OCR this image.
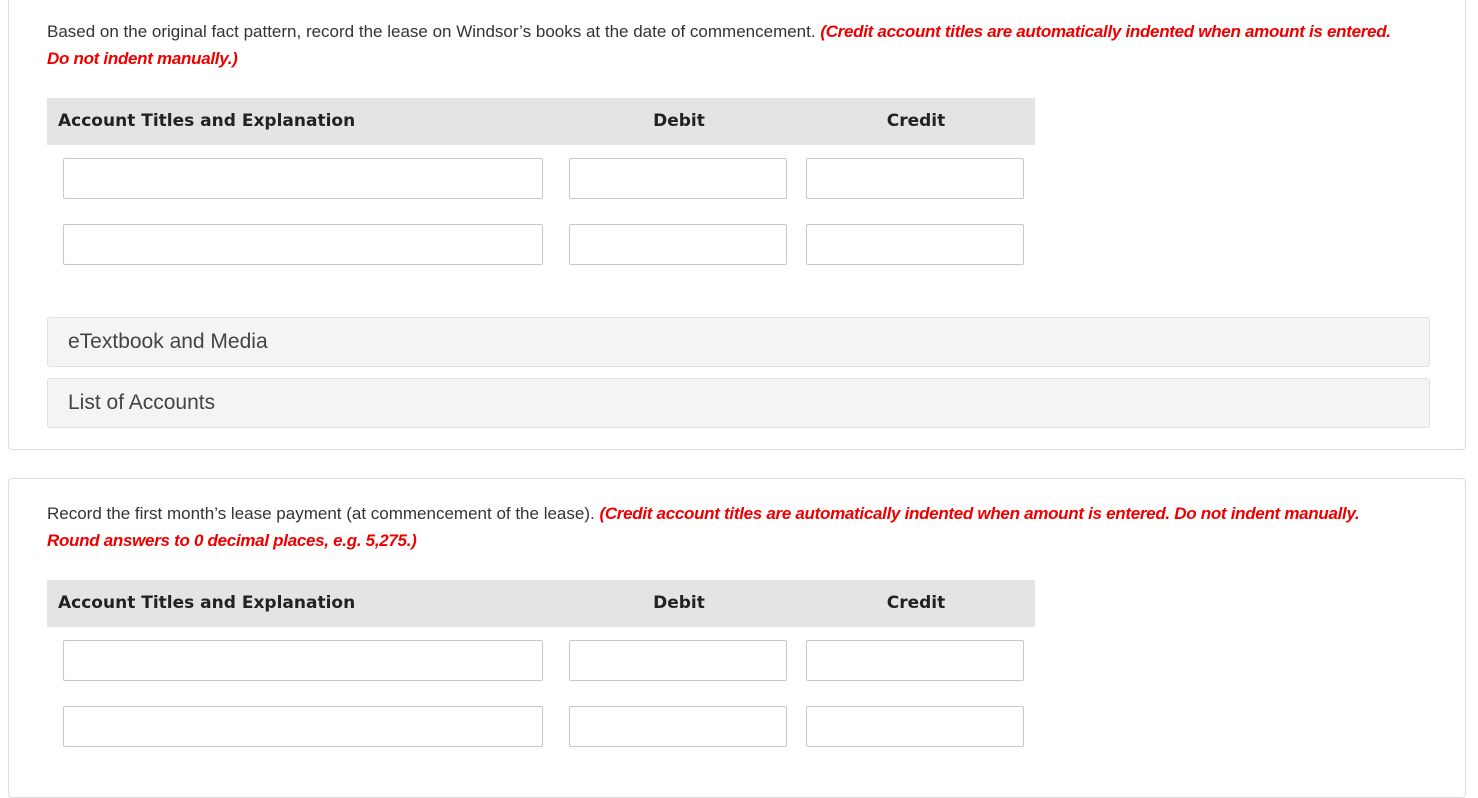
Based on the original fact pattern, record the lease on Windsor’s books at the date of commencement. (Credit account titles are automatically indented when amount is entered. Do not indent manually.)

Account Titles and Explanation	Debit	Credit
eTextbook and Media
List of Accounts

Record the first month’s lease payment (at commencement of the lease). (Credit account titles are automatically indented when amount is entered. Do not indent manually. Round answers to 0 decimal places, e.g. 5,275.)

Account Titles and Explanation	Debit	Credit
